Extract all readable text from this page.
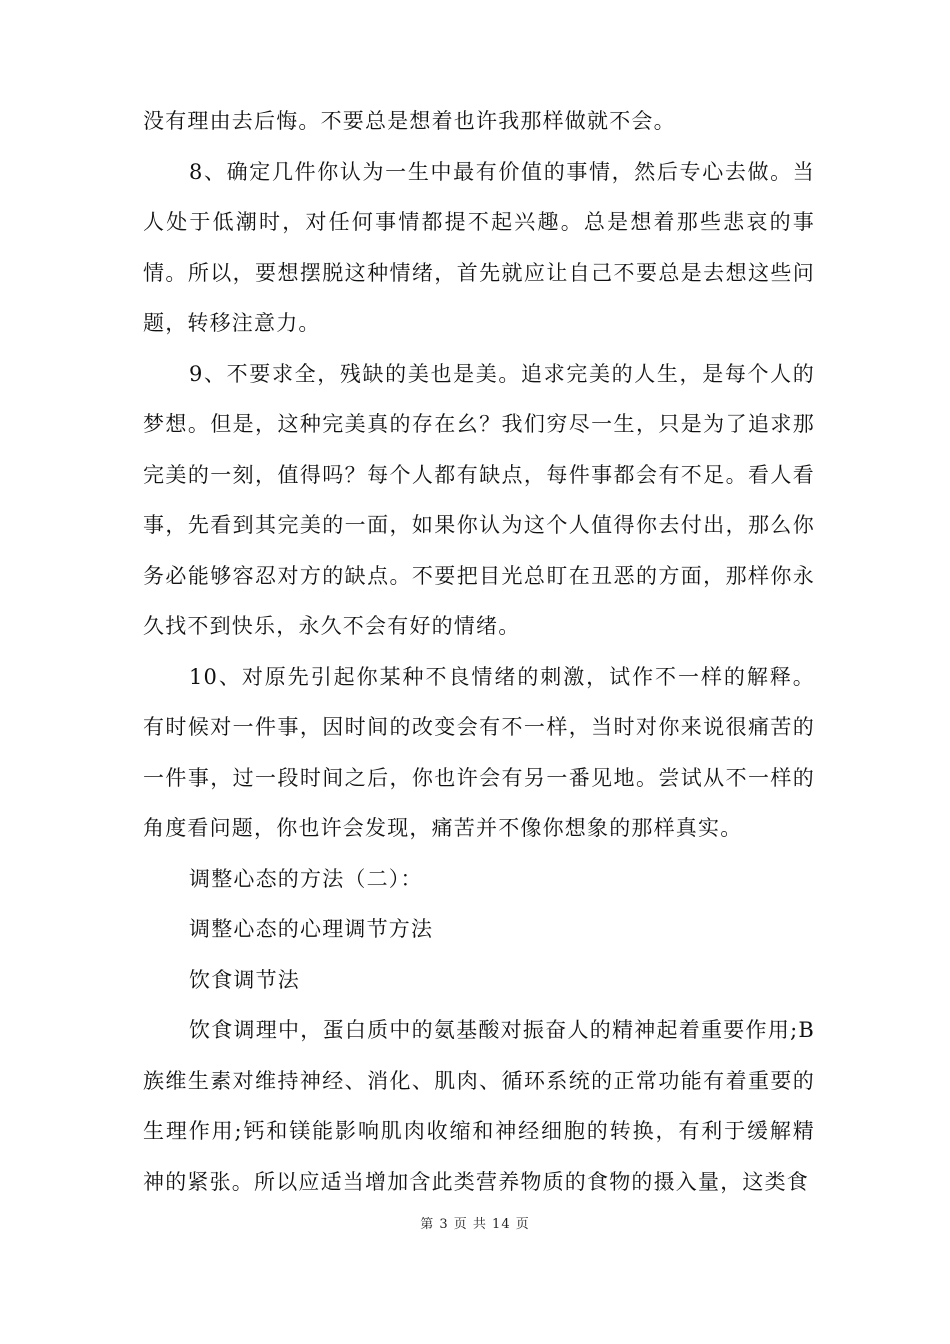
没有理由去后悔。不要总是想着也许我那样做就不会。

8、确定几件你认为一生中最有价值的事情，然后专心去做。当人处于低潮时，对任何事情都提不起兴趣。总是想着那些悲哀的事情。所以，要想摆脱这种情绪，首先就应让自己不要总是去想这些问题，转移注意力。

9、不要求全，残缺的美也是美。追求完美的人生，是每个人的梦想。但是，这种完美真的存在幺？我们穷尽一生，只是为了追求那完美的一刻，值得吗？每个人都有缺点，每件事都会有不足。看人看事，先看到其完美的一面，如果你认为这个人值得你去付出，那么你务必能够容忍对方的缺点。不要把目光总盯在丑恶的方面，那样你永久找不到快乐，永久不会有好的情绪。

10、对原先引起你某种不良情绪的刺激，试作不一样的解释。有时候对一件事，因时间的改变会有不一样，当时对你来说很痛苦的一件事，过一段时间之后，你也许会有另一番见地。尝试从不一样的角度看问题，你也许会发现，痛苦并不像你想象的那样真实。

调整心态的方法（二）：

调整心态的心理调节方法

饮食调节法

饮食调理中，蛋白质中的氨基酸对振奋人的精神起着重要作用;B族维生素对维持神经、消化、肌肉、循环系统的正常功能有着重要的生理作用;钙和镁能影响肌肉收缩和神经细胞的转换，有利于缓解精神的紧张。所以应适当增加含此类营养物质的食物的摄入量，这类食

第 3 页 共 14 页
